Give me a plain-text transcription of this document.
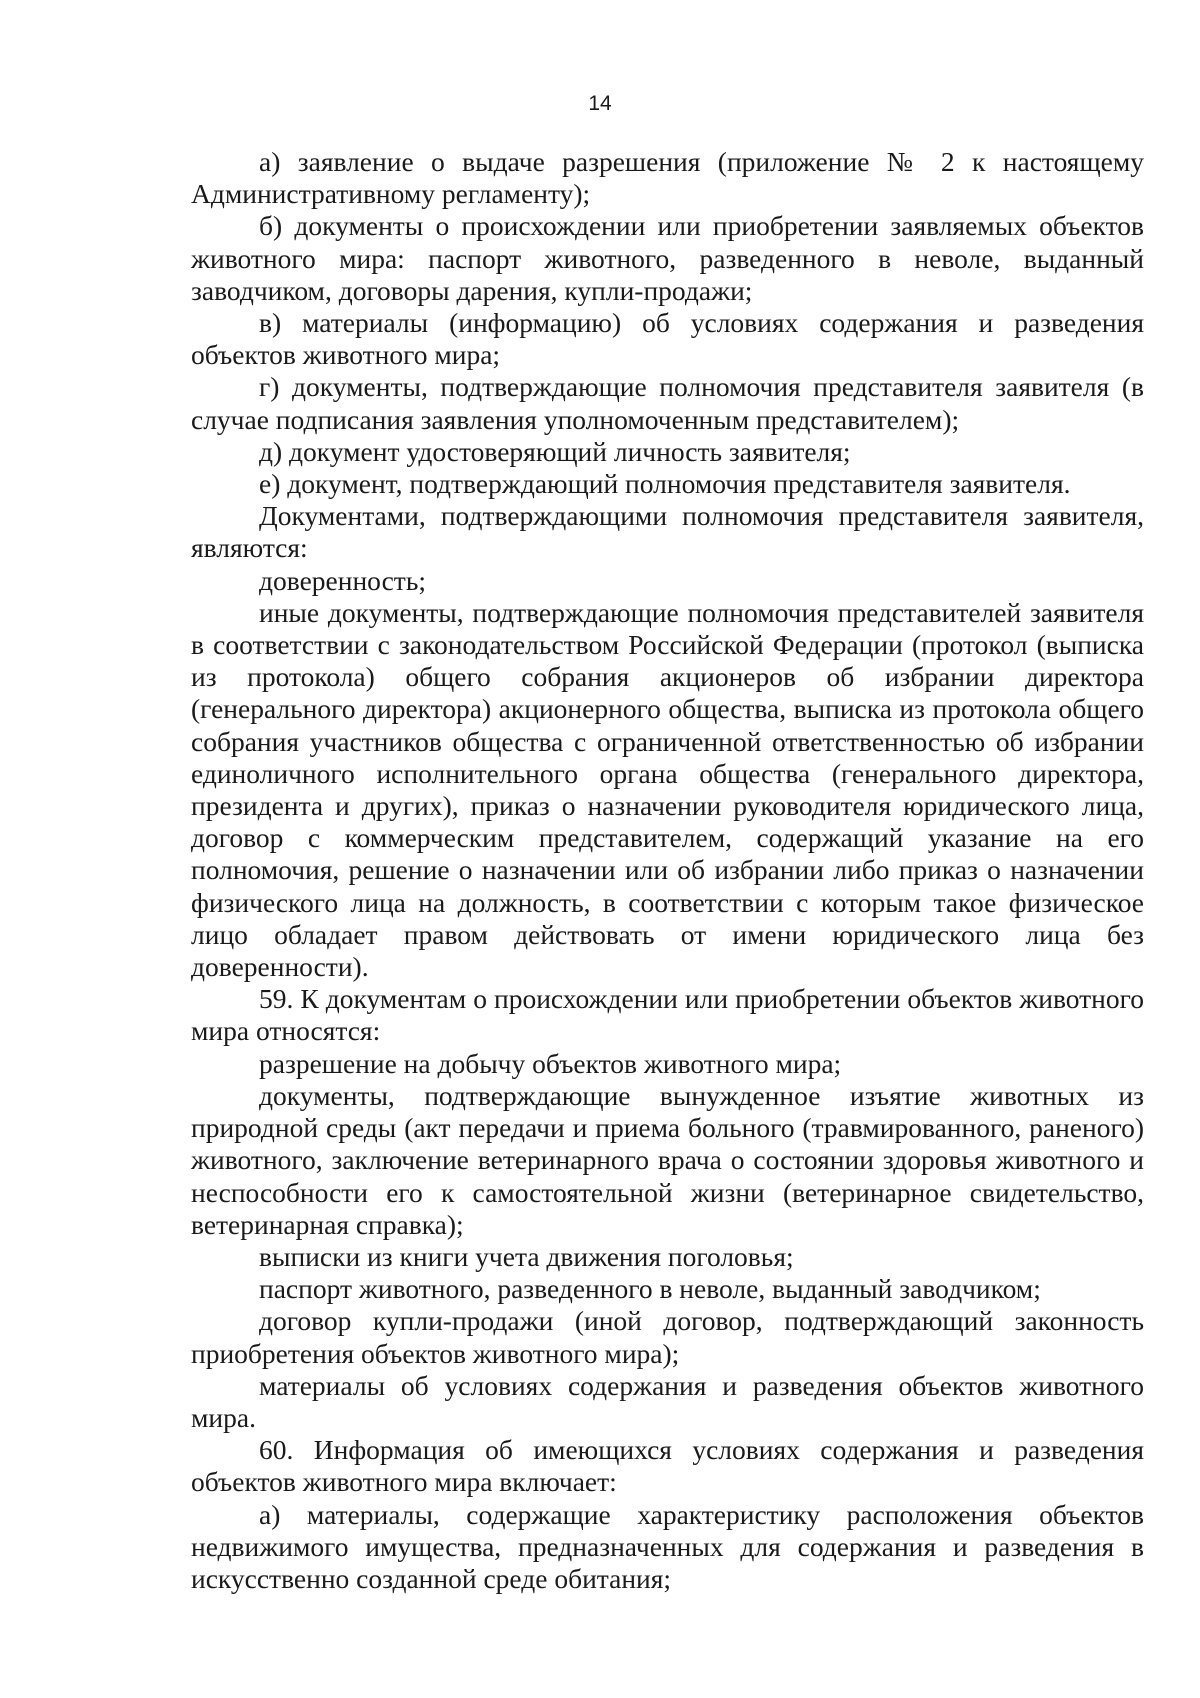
14

а) заявление о выдаче разрешения (приложение № 2 к настоящему Административному регламенту);

б) документы о происхождении или приобретении заявляемых объектов животного мира: паспорт животного, разведенного в неволе, выданный заводчиком, договоры дарения, купли-продажи;

в) материалы (информацию) об условиях содержания и разведения объектов животного мира;

г) документы, подтверждающие полномочия представителя заявителя (в случае подписания заявления уполномоченным представителем);

д) документ удостоверяющий личность заявителя;

е) документ, подтверждающий полномочия представителя заявителя.

Документами, подтверждающими полномочия представителя заявителя, являются:

доверенность;

иные документы, подтверждающие полномочия представителей заявителя в соответствии с законодательством Российской Федерации (протокол (выписка из протокола) общего собрания акционеров об избрании директора (генерального директора) акционерного общества, выписка из протокола общего собрания участников общества с ограниченной ответственностью об избрании единоличного исполнительного органа общества (генерального директора, президента и других), приказ о назначении руководителя юридического лица, договор с коммерческим представителем, содержащий указание на его полномочия, решение о назначении или об избрании либо приказ о назначении физического лица на должность, в соответствии с которым такое физическое лицо обладает правом действовать от имени юридического лица без доверенности).

59. К документам о происхождении или приобретении объектов животного мира относятся:

разрешение на добычу объектов животного мира;

документы, подтверждающие вынужденное изъятие животных из природной среды (акт передачи и приема больного (травмированного, раненого) животного, заключение ветеринарного врача о состоянии здоровья животного и неспособности его к самостоятельной жизни (ветеринарное свидетельство, ветеринарная справка);

выписки из книги учета движения поголовья;

паспорт животного, разведенного в неволе, выданный заводчиком;

договор купли-продажи (иной договор, подтверждающий законность приобретения объектов животного мира);

материалы об условиях содержания и разведения объектов животного мира.

60. Информация об имеющихся условиях содержания и разведения объектов животного мира включает:

а) материалы, содержащие характеристику расположения объектов недвижимого имущества, предназначенных для содержания и разведения в искусственно созданной среде обитания;
